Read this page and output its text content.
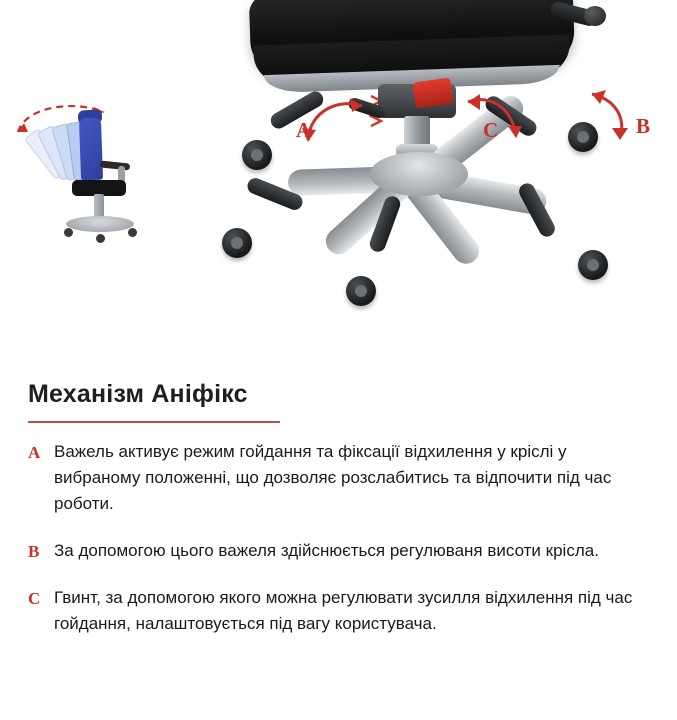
A	C	B
Механізм Аніфікс
A Важель активує режим гойдання та фіксації відхилення у кріслі у вибраному положенні, що дозволяє розслабитись та відпочити під час роботи.
B За допомогою цього важеля здійснюється регулюваня висоти крісла.
C Гвинт, за допомогою якого можна регулювати зусилля відхилення під час гойдання, налаштовується під вагу користувача.
